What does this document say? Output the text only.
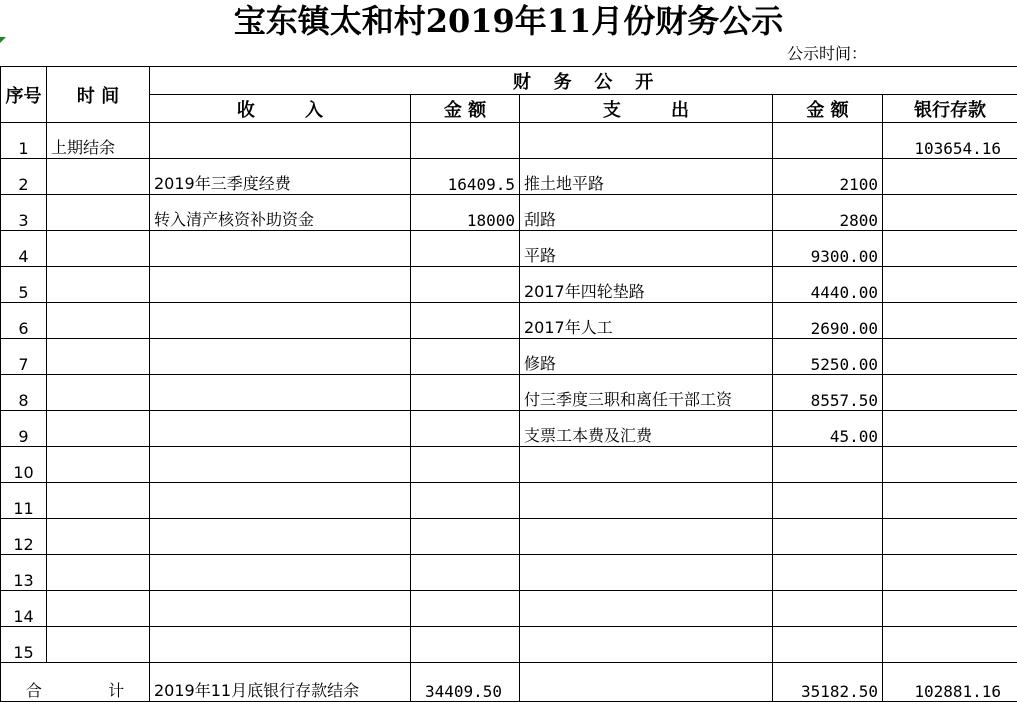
宝东镇太和村2019年11月份财务公示
公示时间：
序号	时 间	财   务   公   开				
		收        入	金 额	支        出	金 额	银行存款
1	上期结余					103654.16
2		2019年三季度经费	16409.5	推土地平路	2100	
3		转入清产核资补助资金	18000	刮路	2800	
4				平路	9300.00	
5				2017年四轮垫路	4440.00	
6				2017年人工	2690.00	
7				修路	5250.00	
8				付三季度三职和离任干部工资	8557.50	
9				支票工本费及汇费	45.00	
10						
11						
12						
13						
14						
15						
合 计		2019年11月底银行存款结余	34409.50		35182.50	102881.16
